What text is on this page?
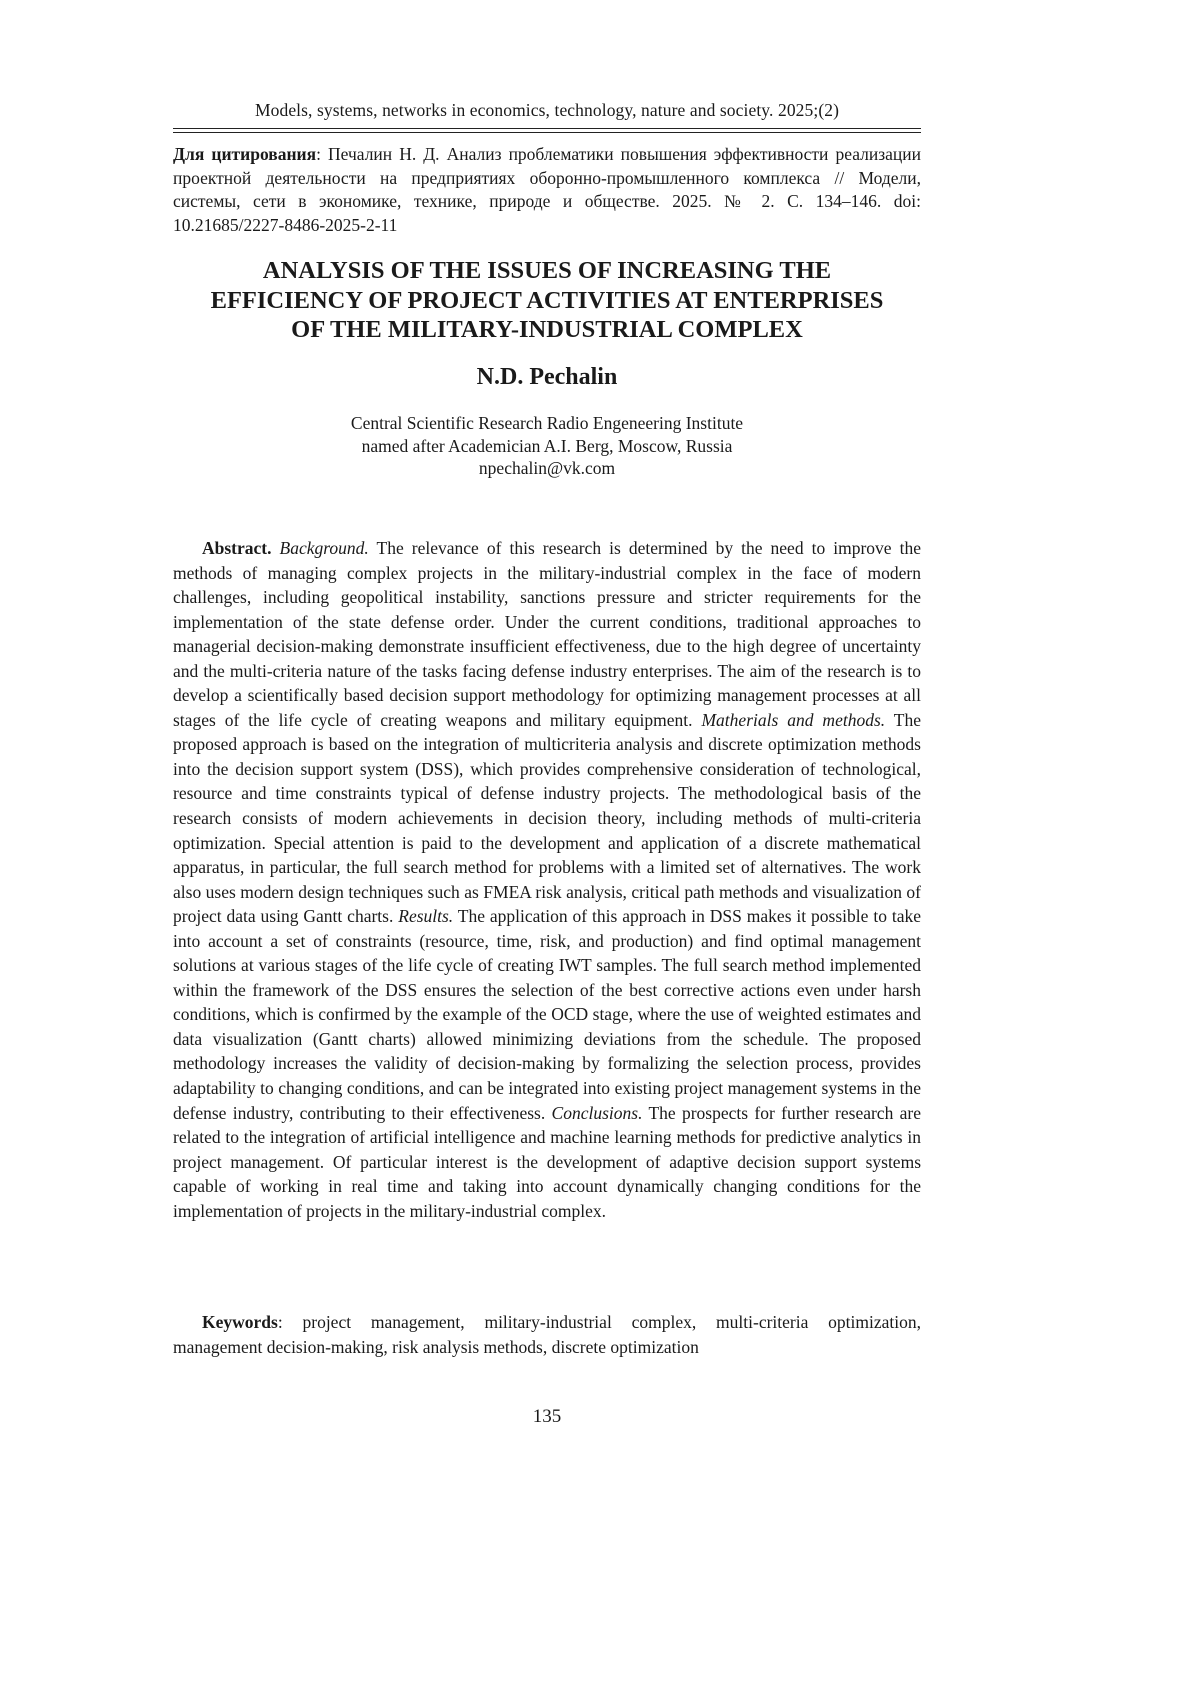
Models, systems, networks in economics, technology, nature and society. 2025;(2)
Для цитирования: Печалин Н. Д. Анализ проблематики повышения эффективности реализации проектной деятельности на предприятиях оборонно-промышленного комплекса // Модели, системы, сети в экономике, технике, природе и обществе. 2025. № 2. С. 134–146. doi: 10.21685/2227-8486-2025-2-11
ANALYSIS OF THE ISSUES OF INCREASING THE
EFFICIENCY OF PROJECT ACTIVITIES AT ENTERPRISES
OF THE MILITARY-INDUSTRIAL COMPLEX
N.D. Pechalin
Central Scientific Research Radio Engeneering Institute
named after Academician A.I. Berg, Moscow, Russia
npechalin@vk.com
Abstract. Background. The relevance of this research is determined by the need to improve the methods of managing complex projects in the military-industrial complex in the face of modern challenges, including geopolitical instability, sanctions pressure and stricter requirements for the implementation of the state defense order. Under the current conditions, traditional approaches to managerial decision-making demonstrate insufficient effectiveness, due to the high degree of uncertainty and the multi-criteria nature of the tasks facing defense industry enterprises. The aim of the research is to develop a scientifically based decision support methodology for optimizing management processes at all stages of the life cycle of creating weapons and military equipment. Matherials and methods. The proposed approach is based on the integration of multicriteria analysis and discrete optimization methods into the decision support system (DSS), which provides comprehensive consideration of technological, resource and time constraints typical of defense industry projects. The methodological basis of the research consists of modern achievements in decision theory, including methods of multi-criteria optimization. Special attention is paid to the development and application of a discrete mathematical apparatus, in particular, the full search method for problems with a limited set of alternatives. The work also uses modern design techniques such as FMEA risk analysis, critical path methods and visualization of project data using Gantt charts. Results. The application of this approach in DSS makes it possible to take into account a set of constraints (resource, time, risk, and production) and find optimal management solutions at various stages of the life cycle of creating IWT samples. The full search method implemented within the framework of the DSS ensures the selection of the best corrective actions even under harsh conditions, which is confirmed by the example of the OCD stage, where the use of weighted estimates and data visualization (Gantt charts) allowed minimizing deviations from the schedule. The proposed methodology increases the validity of decision-making by formalizing the selection process, provides adaptability to changing conditions, and can be integrated into existing project management systems in the defense industry, contributing to their effectiveness. Conclusions. The prospects for further research are related to the integration of artificial intelligence and machine learning methods for predictive analytics in project management. Of particular interest is the development of adaptive decision support systems capable of working in real time and taking into account dynamically changing conditions for the implementation of projects in the military-industrial complex.
Keywords: project management, military-industrial complex, multi-criteria optimization, management decision-making, risk analysis methods, discrete optimization
135
